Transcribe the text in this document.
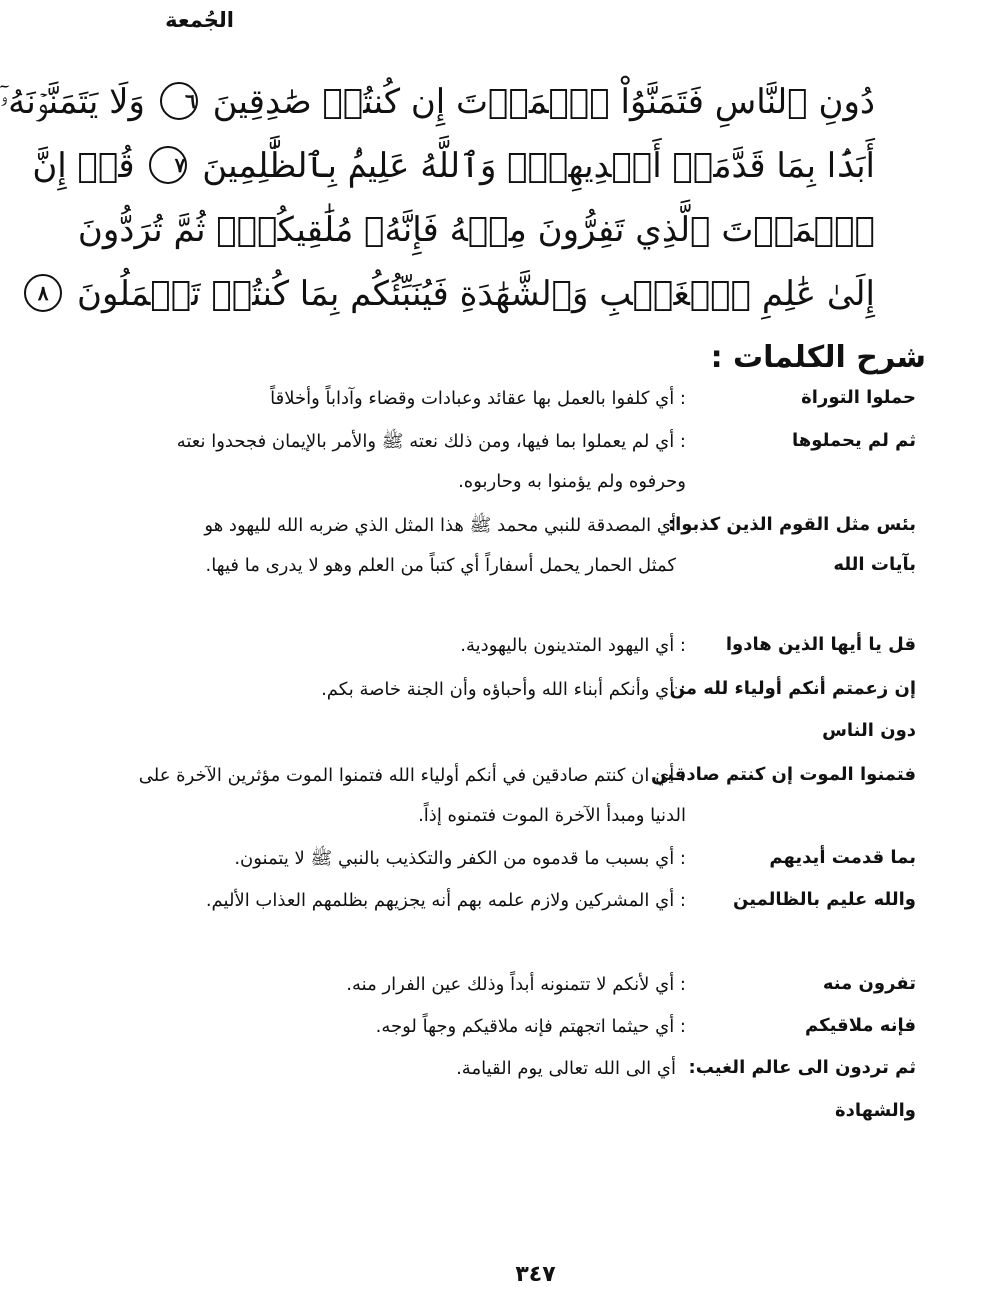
الجُمعة
دُونِ ٱلنَّاسِ فَتَمَنَّوُاْ ٱلۡمَوۡتَ إِن كُنتُمۡ صَٰدِقِينَ ٦ وَلَا يَتَمَنَّوۡنَهُۥٓ
أَبَدَۢا بِمَا قَدَّمَتۡ أَيۡدِيهِمۡۚ وَٱللَّهُ عَلِيمُۢ بِٱلظَّٰلِمِينَ ٧ قُلۡ إِنَّ
ٱلۡمَوۡتَ ٱلَّذِي تَفِرُّونَ مِنۡهُ فَإِنَّهُۥ مُلَٰقِيكُمۡۖ ثُمَّ تُرَدُّونَ
إِلَىٰ عَٰلِمِ ٱلۡغَيۡبِ وَٱلشَّهَٰدَةِ فَيُنَبِّئُكُم بِمَا كُنتُمۡ تَعۡمَلُونَ ٨
شرح الكلمات :
حملوا التوراة
: أي كلفوا بالعمل بها عقائد وعبادات وقضاء وآداباً وأخلاقاً
ثم لم يحملوها
: أي لم يعملوا بما فيها، ومن ذلك نعته ﷺ والأمر بالإيمان فجحدوا نعته وحرفوه ولم يؤمنوا به وحاربوه.
بئس مثل القوم الذين كذبوا:
أي المصدقة للنبي محمد ﷺ هذا المثل الذي ضربه الله لليهود هو
بآيات الله
كمثل الحمار يحمل أسفاراً أي كتباً من العلم وهو لا يدرى ما فيها.
قل يا أيها الذين هادوا
: أي اليهود المتدينون باليهودية.
إن زعمتم أنكم أولياء لله من
: أي وأنكم أبناء الله وأحباؤه وأن الجنة خاصة بكم.
دون الناس
فتمنوا الموت إن كنتم صادقين
: أي ان كنتم صادقين في أنكم أولياء الله فتمنوا الموت مؤثرين الآخرة على الدنيا ومبدأ الآخرة الموت فتمنوه إذاً.
بما قدمت أيديهم
: أي بسبب ما قدموه من الكفر والتكذيب بالنبي ﷺ لا يتمنون.
والله عليم بالظالمين
: أي المشركين ولازم علمه بهم أنه يجزيهم بظلمهم العذاب الأليم.
تفرون منه
: أي لأنكم لا تتمنونه أبداً وذلك عين الفرار منه.
فإنه ملاقيكم
: أي حيثما اتجهتم فإنه ملاقيكم وجهاً لوجه.
ثم تردون الى عالم الغيب:
أي الى الله تعالى يوم القيامة.
والشهادة
٣٤٧
